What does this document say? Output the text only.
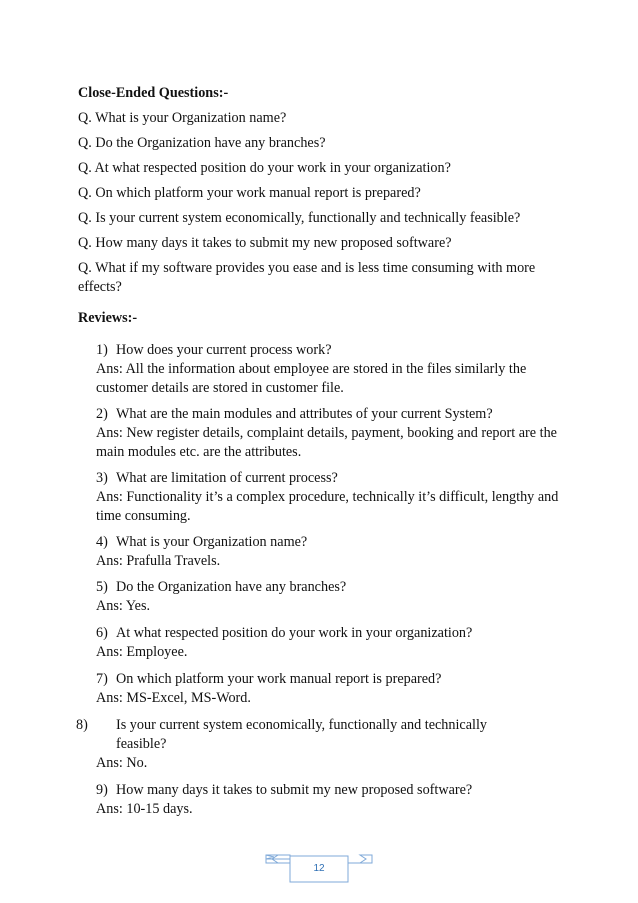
Close-Ended Questions:-
Q. What is your Organization name?
Q. Do the Organization have any branches?
Q. At what respected position do your work in your organization?
Q. On which platform your work manual report is prepared?
Q. Is your current system economically, functionally and technically feasible?
Q. How many days it takes to submit my new proposed software?
Q. What if my software provides you ease and is less time consuming with more effects?
Reviews:-
1) How does your current process work?
Ans: All the information about employee are stored in the files similarly the customer details are stored in customer file.
2) What are the main modules and attributes of your current System?
Ans: New register details, complaint details, payment, booking and report are the main modules etc. are the attributes.
3) What are limitation of current process?
Ans: Functionality it’s a complex procedure, technically it’s difficult, lengthy and time consuming.
4) What is your Organization name?
Ans: Prafulla Travels.
5) Do the Organization have any branches?
Ans: Yes.
6) At what respected position do your work in your organization?
Ans: Employee.
7) On which platform your work manual report is prepared?
Ans: MS-Excel, MS-Word.
8) Is your current system economically, functionally and technically feasible?
Ans: No.
9) How many days it takes to submit my new proposed software?
Ans: 10-15 days.
12
